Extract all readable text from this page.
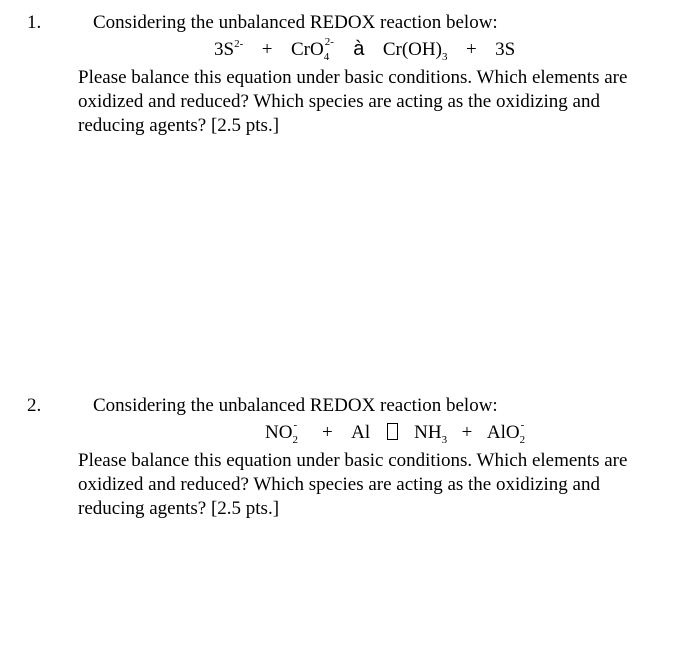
1.	Considering the unbalanced REDOX reaction below:
$3S^{2-}$ + CrO 2-
4 à $Cr(OH)_3 + 3S$
Please balance this equation under basic conditions. Which elements are
oxidized and reduced? Which species are acting as the oxidizing and
reducing agents? [2.5 pts.]
2.	Considering the unbalanced REDOX reaction below:
NO -
2 + Al $NH_3$ + AlO -
2
Please balance this equation under basic conditions. Which elements are
oxidized and reduced? Which species are acting as the oxidizing and
reducing agents? [2.5 pts.]
